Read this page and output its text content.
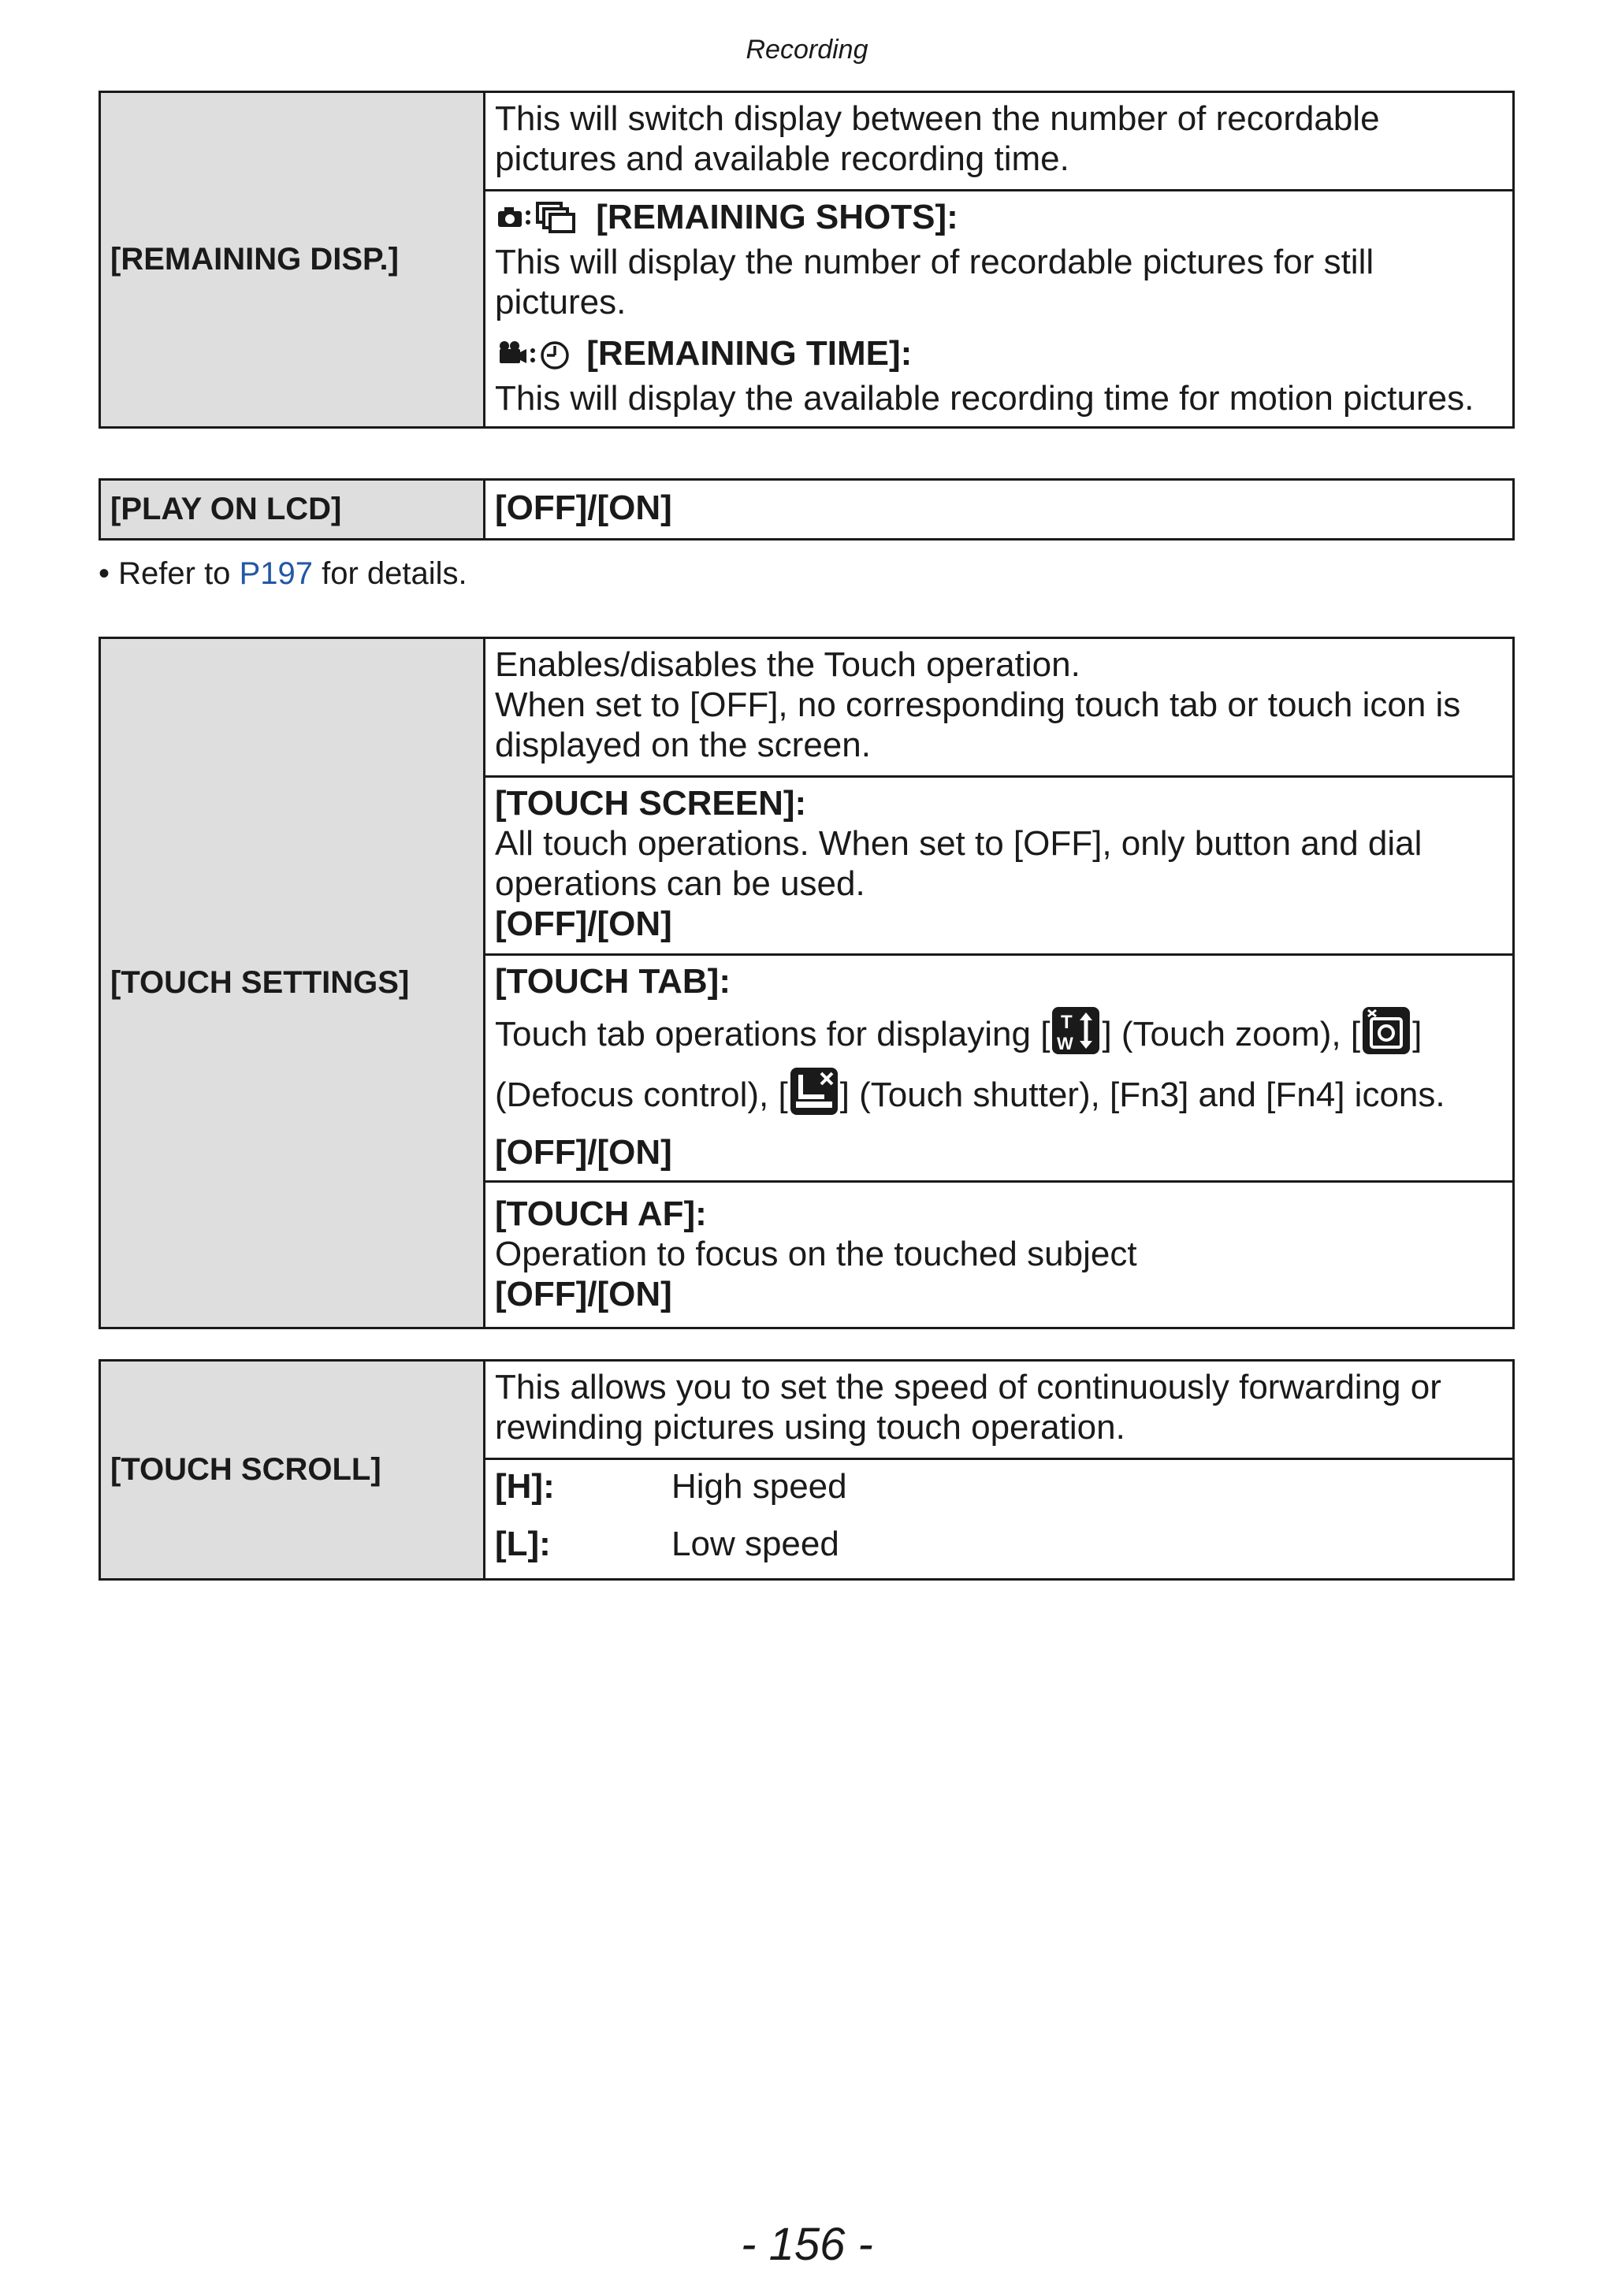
Recording
[REMAINING DISP.]	This will switch display between the number of recordable pictures and available recording time.

[REMAINING SHOTS]:
This will display the number of recordable pictures for still pictures.
[REMAINING TIME]:
This will display the available recording time for motion pictures.
[PLAY ON LCD]	[OFF]/[ON]
• Refer to P197 for details.
[TOUCH SETTINGS]	
Enables/disables the Touch operation.
When set to [OFF], no corresponding touch tab or touch icon is displayed on the screen.

[TOUCH SCREEN]:
All touch operations. When set to [OFF], only button and dial operations can be used.
[OFF]/[ON]

[TOUCH TAB]:
Touch tab operations for displaying [ T
W ] (Touch zoom), [ ] (Defocus control), [ ] (Touch shutter), [Fn3] and [Fn4] icons.
[OFF]/[ON]

[TOUCH AF]:
Operation to focus on the touched subject
[OFF]/[ON]
[TOUCH SCROLL]	This allows you to set the speed of continuously forwarding or rewinding pictures using touch operation.

[H]:	High speed
[L]:	Low speed
- 156 -
